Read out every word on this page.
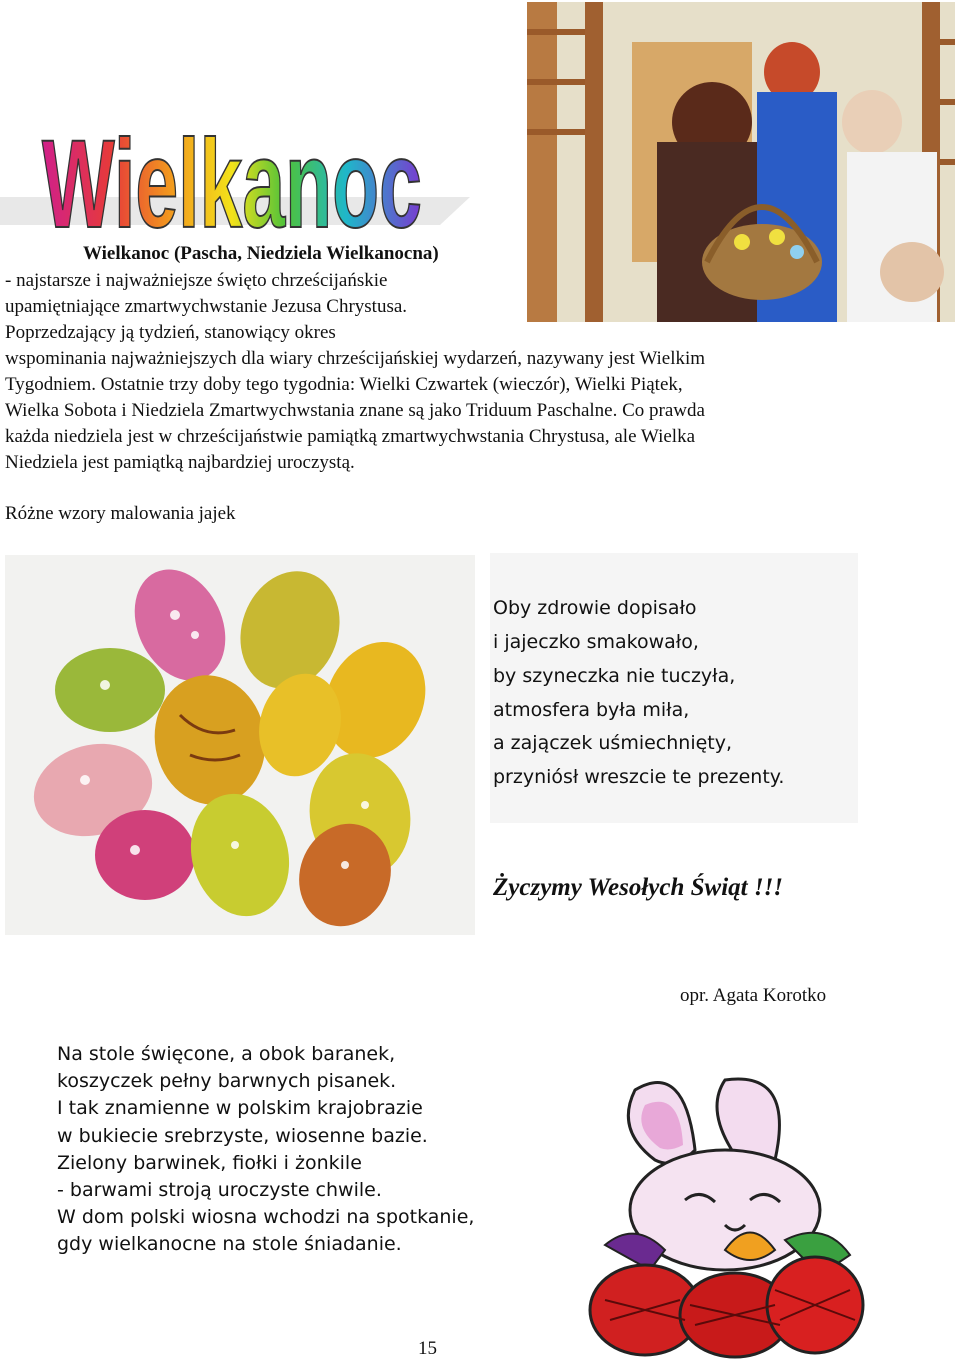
Wielkanoc
Wielkanoc (Pascha, Niedziela Wielkanocna)
- najstarsze i najważniejsze święto chrześcijańskie
upamiętniające zmartwychwstanie Jezusa Chrystusa.
Poprzedzający ją tydzień, stanowiący okres
wspominania najważniejszych dla wiary chrześcijańskiej wydarzeń, nazywany jest Wielkim
Tygodniem. Ostatnie trzy doby tego tygodnia: Wielki Czwartek (wieczór), Wielki Piątek,
Wielka Sobota i Niedziela Zmartwychwstania znane są jako Triduum Paschalne. Co prawda
każda niedziela jest w chrześcijaństwie pamiątką zmartwychwstania Chrystusa, ale Wielka
Niedziela jest pamiątką najbardziej uroczystą.
Różne wzory malowania jajek
Oby zdrowie dopisało
i jajeczko smakowało,
by szyneczka nie tuczyła,
atmosfera była miła,
a zajączek uśmiechnięty,
przyniósł wreszcie te prezenty.
Życzymy Wesołych Świąt !!!
opr. Agata Korotko
Na stole święcone, a obok baranek,
koszyczek pełny barwnych pisanek.
I tak znamienne w polskim krajobrazie
w bukiecie srebrzyste, wiosenne bazie.
Zielony barwinek, fiołki i żonkile
- barwami stroją uroczyste chwile.
W dom polski wiosna wchodzi na spotkanie,
gdy wielkanocne na stole śniadanie.
15
